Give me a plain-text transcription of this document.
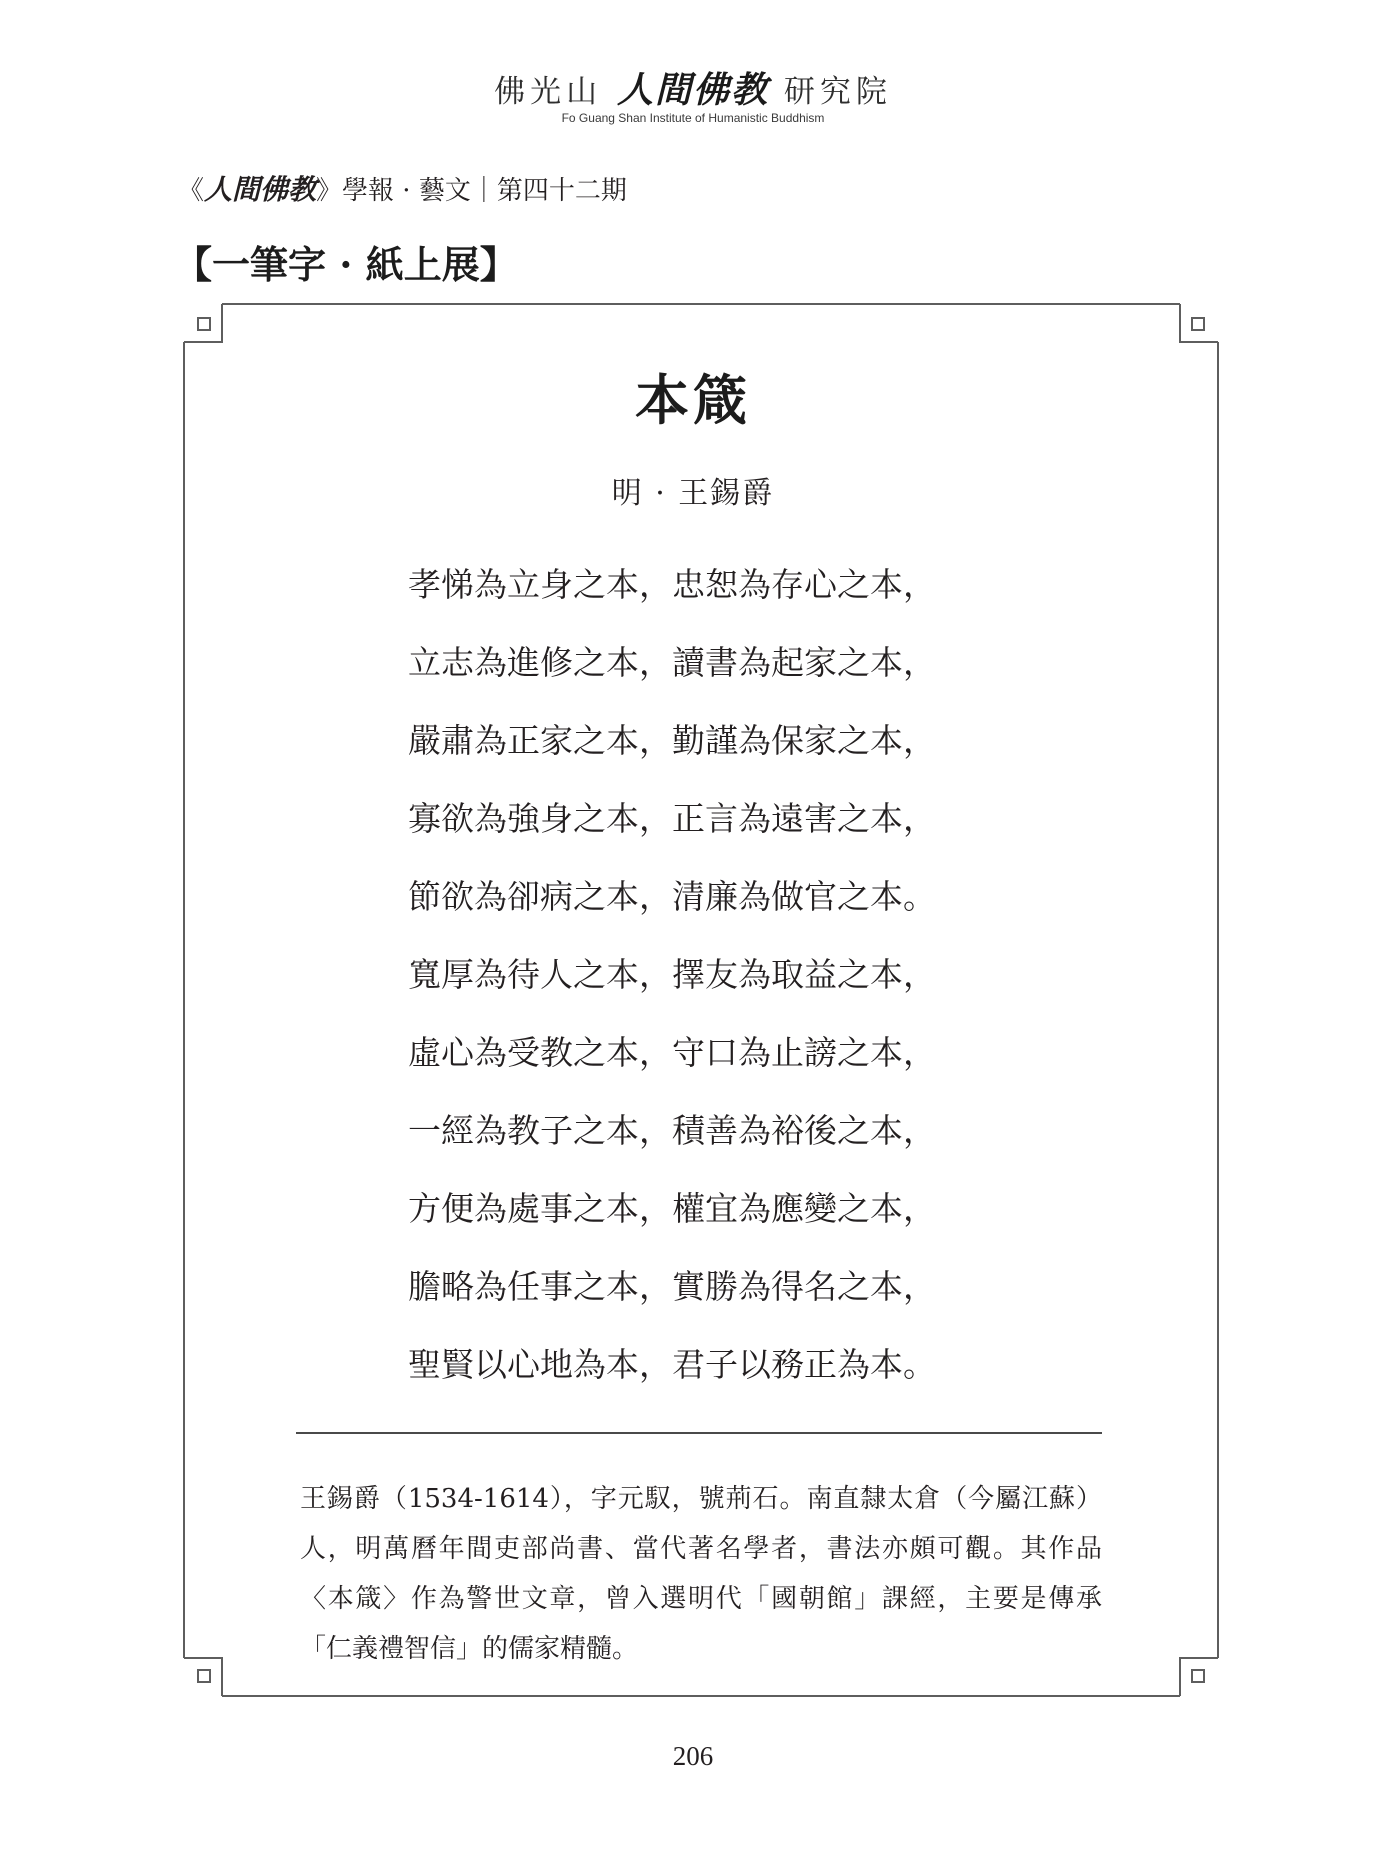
佛光山 人間佛教 研究院
Fo Guang Shan Institute of Humanistic Buddhism
《人間佛教》學報 · 藝文｜第四十二期
【一筆字 · 紙上展】
本箴
明 · 王錫爵
孝悌為立身之本，忠恕為存心之本，
立志為進修之本，讀書為起家之本，
嚴肅為正家之本，勤謹為保家之本，
寡欲為強身之本，正言為遠害之本，
節欲為卻病之本，清廉為做官之本。
寬厚為待人之本，擇友為取益之本，
虛心為受教之本，守口為止謗之本，
一經為教子之本，積善為裕後之本，
方便為處事之本，權宜為應變之本，
膽略為任事之本，實勝為得名之本，
聖賢以心地為本，君子以務正為本。
王錫爵（1534-1614），字元馭，號荊石。南直隸太倉（今屬江蘇）人，明萬曆年間吏部尚書、當代著名學者，書法亦頗可觀。其作品〈本箴〉作為警世文章，曾入選明代「國朝館」課經，主要是傳承「仁義禮智信」的儒家精髓。
206
